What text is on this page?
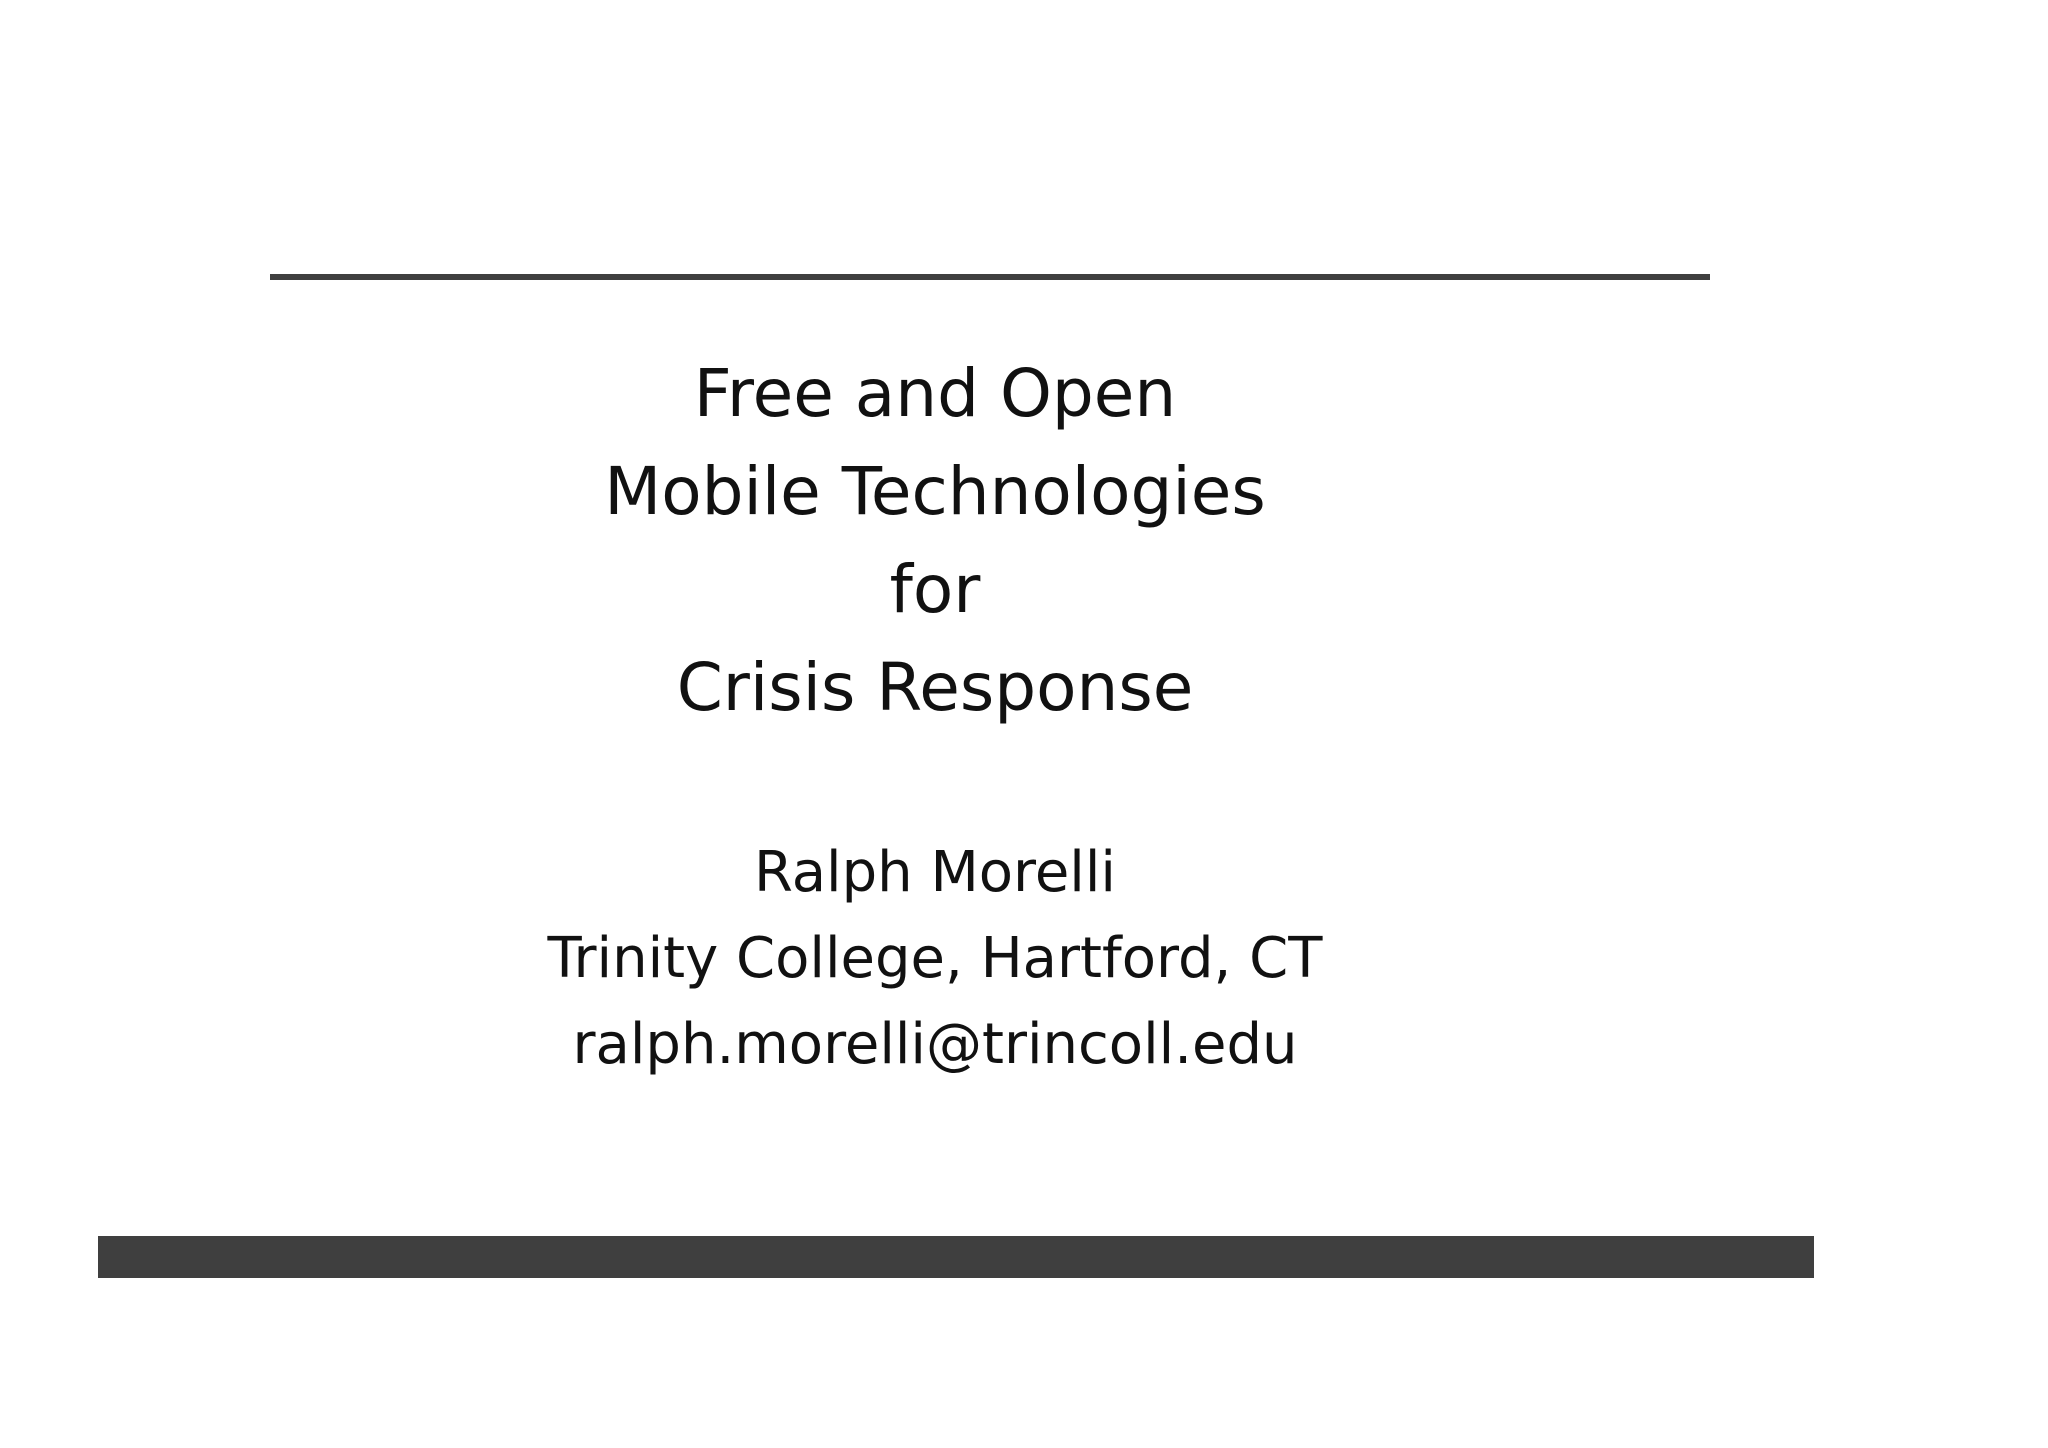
Free and Open
Mobile Technologies
for
Crisis Response
Ralph Morelli
Trinity College, Hartford, CT
ralph.morelli@trincoll.edu
